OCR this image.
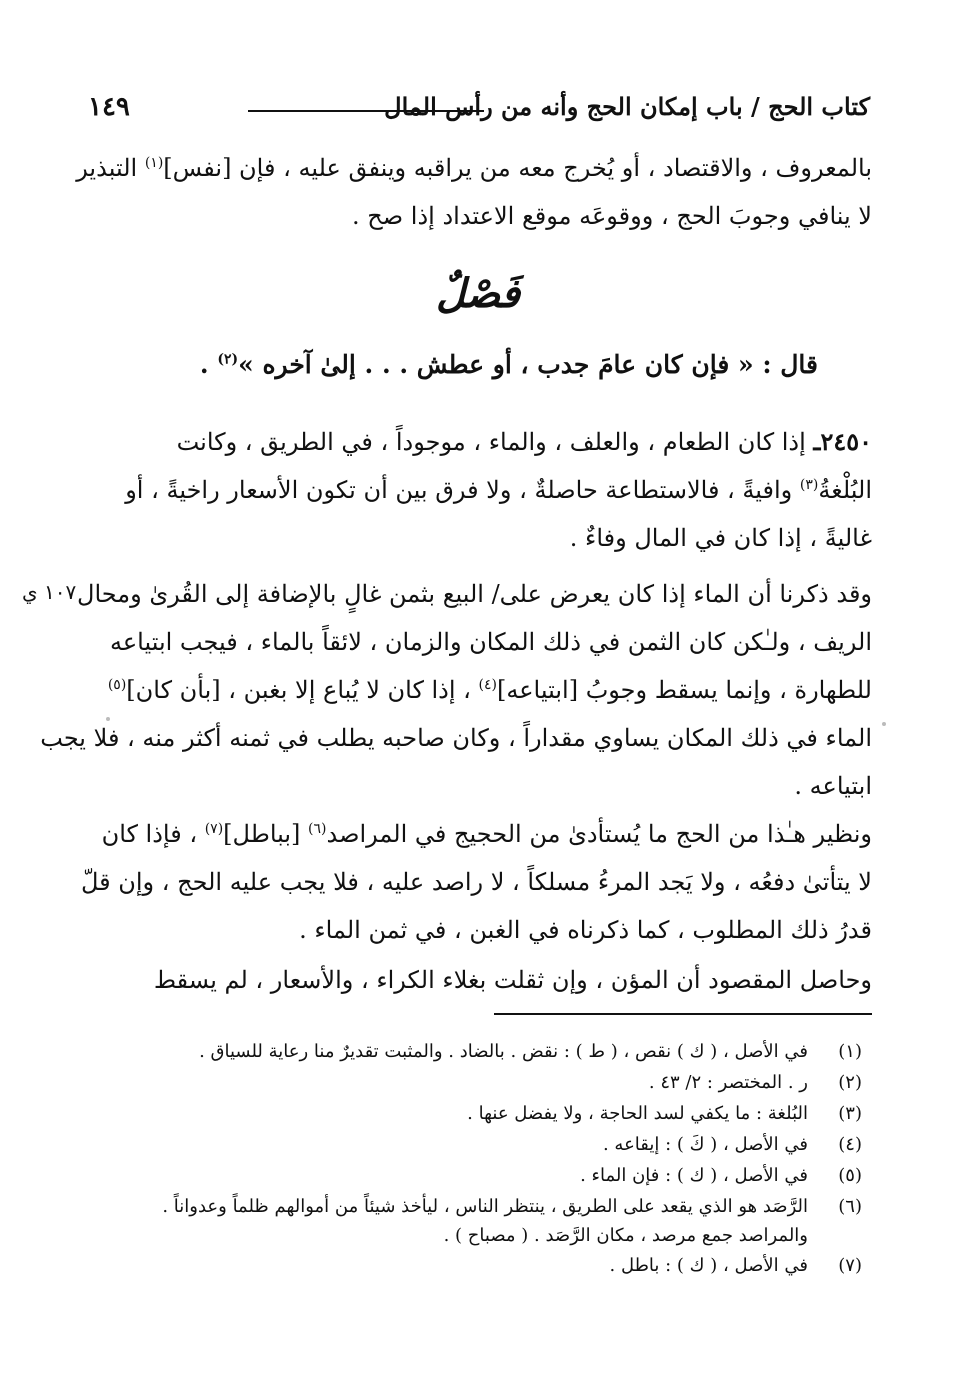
١٤٩	كتاب الحج / باب إمكان الحج وأنه من رأس المال
بالمعروف ، والاقتصاد ، أو يُخرج معه من يراقبه وينفق عليه ، فإن [نفس]$^{(١)}$ التبذير
لا ينافي وجوبَ الحج ، ووقوعَه موقع الاعتداد إذا صح .
فَصْلٌ
قال : « فإن كان عامَ جدب ، أو عطش . . . إلىٰ آخره »$^{(٢)}$ .
٢٤٥٠ـ إذا كان الطعام ، والعلف ، والماء ، موجوداً ، في الطريق ، وكانت
البُلْغةُ$^{(٣)}$ وافيةً ، فالاستطاعة حاصلةٌ ، ولا فرق بين أن تكون الأسعار راخيةً ، أو
غاليةً ، إذا كان في المال وفاءٌ .
١٠٧ ي وقد ذكرنا أن الماء إذا كان يعرض على/ البيع بثمن غالٍ بالإضافة إلى القُرىٰ ومحال
الريف ، ولـٰكن كان الثمن في ذلك المكان والزمان ، لائقاً بالماء ، فيجب ابتياعه
للطهارة ، وإنما يسقط وجوبُ [ابتياعه]$^{(٤)}$ ، إذا كان لا يُباع إلا بغبن ، [بأن كان]$^{(٥)}$
الماء في ذلك المكان يساوي مقداراً ، وكان صاحبه يطلب في ثمنه أكثر منه ، فلا يجب
ابتياعه .
ونظير هـٰذا من الحج ما يُستأدىٰ من الحجيج في المراصد$^{(٦)}$ [بباطل]$^{(٧)}$ ، فإذا كان
لا يتأتىٰ دفعُه ، ولا يَجد المرءُ مسلكاً ، لا راصد عليه ، فلا يجب عليه الحج ، وإن قلّ
قدرُ ذلك المطلوب ، كما ذكرناه في الغبن ، في ثمن الماء .
وحاصل المقصود أن المؤن ، وإن ثقلت بغلاء الكراء ، والأسعار ، لم يسقط
(١)
في الأصل ، ( ك ) نقص ، ( ط ) : نقض . بالضاد . والمثبت تقديرٌ منا رعاية للسياق .
(٢)
ر . المختصر : ٢/ ٤٣ .
(٣)
البُلغة : ما يكفي لسد الحاجة ، ولا يفضل عنها .
(٤)
في الأصل ، ( كَ ) : إيقاعه .
(٥)
في الأصل ، ( ك ) : فإن الماء .
(٦)
الرَّصَد هو الذي يقعد على الطريق ، ينتظر الناس ، ليأخذ شيئاً من أموالهم ظلماً وعدواناً .
والمراصد جمع مرصد ، مكان الرَّصَد . ( مصباح ) .
(٧)
في الأصل ، ( ك ) : باطل .
